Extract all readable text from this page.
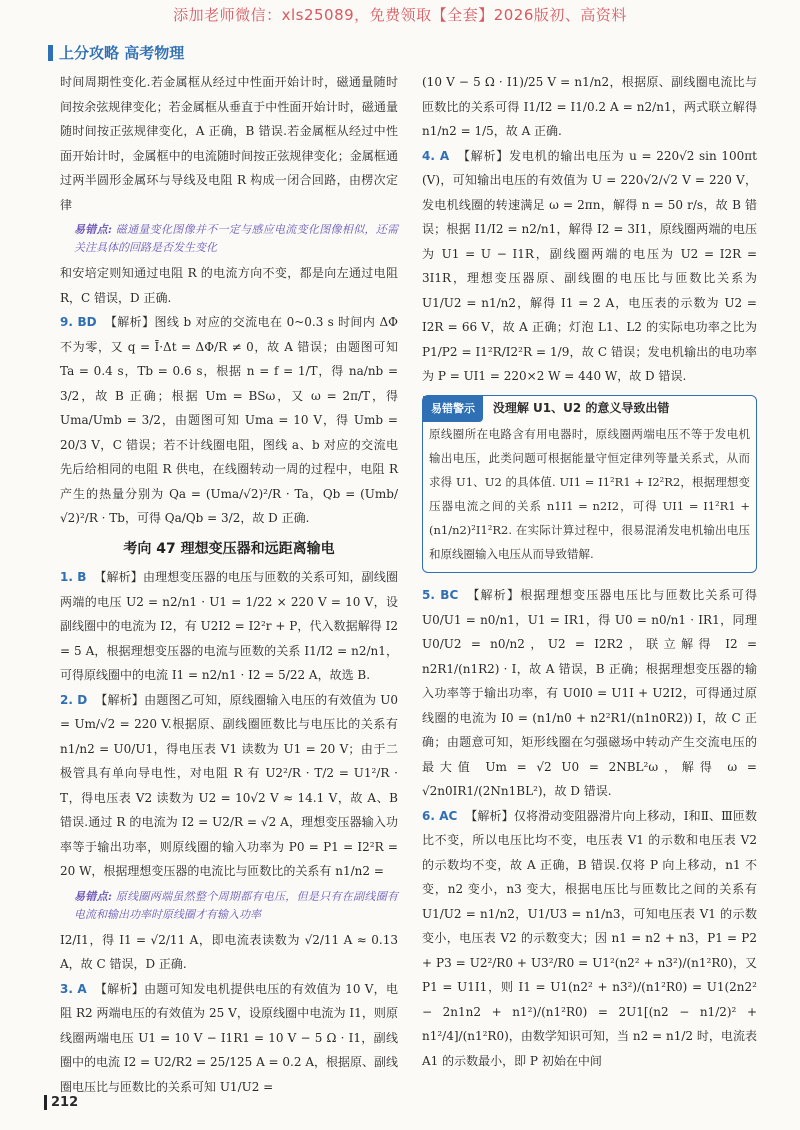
添加老师微信：xls25089，免费领取【全套】2026版初、高资料
上分攻略 高考物理

时间周期性变化.若金属框从经过中性面开始计时，磁通量随时间按余弦规律变化；若金属框从垂直于中性面开始计时，磁通量随时间按正弦规律变化，A 正确，B 错误.若金属框从经过中性面开始计时，金属框中的电流随时间按正弦规律变化；金属框通过两半圆形金属环与导线及电阻 R 构成一闭合回路，由楞次定律

易错点: 磁通量变化图像并不一定与感应电流变化图像相似，还需关注具体的回路是否发生变化

和安培定则知通过电阻 R 的电流方向不变，都是向左通过电阻 R，C 错误，D 正确.

9. BD 【解析】图线 b 对应的交流电在 0~0.3 s 时间内 ΔΦ 不为零，又 q = Ī·Δt = ΔΦ/R ≠ 0，故 A 错误；由题图可知 Ta = 0.4 s，Tb = 0.6 s，根据 n = f = 1/T，得 na/nb = 3/2，故 B 正确；根据 Um = BSω，又 ω = 2π/T，得 Uma/Umb = 3/2，由题图可知 Uma = 10 V，得 Umb = 20/3 V，C 错误；若不计线圈电阻，图线 a、b 对应的交流电先后给相同的电阻 R 供电，在线圈转动一周的过程中，电阻 R 产生的热量分别为 Qa = (Uma/√2)²/R · Ta，Qb = (Umb/√2)²/R · Tb，可得 Qa/Qb = 3/2，故 D 正确.

考向 47 理想变压器和远距离输电

1. B 【解析】由理想变压器的电压与匝数的关系可知，副线圈两端的电压 U2 = n2/n1 · U1 = 1/22 × 220 V = 10 V，设副线圈中的电流为 I2，有 U2I2 = I2²r + P，代入数据解得 I2 = 5 A，根据理想变压器的电流与匝数的关系 I1/I2 = n2/n1，可得原线圈中的电流 I1 = n2/n1 · I2 = 5/22 A，故选 B.

2. D 【解析】由题图乙可知，原线圈输入电压的有效值为 U0 = Um/√2 = 220 V.根据原、副线圈匝数比与电压比的关系有 n1/n2 = U0/U1，得电压表 V1 读数为 U1 = 20 V；由于二极管具有单向导电性，对电阻 R 有 U2²/R · T/2 = U1²/R · T，得电压表 V2 读数为 U2 = 10√2 V ≈ 14.1 V，故 A、B 错误.通过 R 的电流为 I2 = U2/R = √2 A，理想变压器输入功率等于输出功率，则原线圈的输入功率为 P0 = P1 = I2²R = 20 W，根据理想变压器的电流比与匝数比的关系有 n1/n2 =

易错点: 原线圈两端虽然整个周期都有电压，但是只有在副线圈有电流和输出功率时原线圈才有输入功率

I2/I1，得 I1 = √2/11 A，即电流表读数为 √2/11 A ≈ 0.13 A，故 C 错误，D 正确.

3. A 【解析】由题可知发电机提供电压的有效值为 10 V，电阻 R2 两端电压的有效值为 25 V，设原线圈中电流为 I1，则原线圈两端电压 U1 = 10 V − I1R1 = 10 V − 5 Ω · I1，副线圈中的电流 I2 = U2/R2 = 25/125 A = 0.2 A，根据原、副线圈电压比与匝数比的关系可知 U1/U2 =

(10 V − 5 Ω · I1)/25 V = n1/n2，根据原、副线圈电流比与匝数比的关系可得 I1/I2 = I1/0.2 A = n2/n1，两式联立解得 n1/n2 = 1/5，故 A 正确.

4. A 【解析】发电机的输出电压为 u = 220√2 sin 100πt (V)，可知输出电压的有效值为 U = 220√2/√2 V = 220 V，发电机线圈的转速满足 ω = 2πn，解得 n = 50 r/s，故 B 错误；根据 I1/I2 = n2/n1，解得 I2 = 3I1，原线圈两端的电压为 U1 = U − I1R，副线圈两端的电压为 U2 = I2R = 3I1R，理想变压器原、副线圈的电压比与匝数比关系为 U1/U2 = n1/n2，解得 I1 = 2 A，电压表的示数为 U2 = I2R = 66 V，故 A 正确；灯泡 L1、L2 的实际电功率之比为 P1/P2 = I1²R/I2²R = 1/9，故 C 错误；发电机输出的电功率为 P = UI1 = 220×2 W = 440 W，故 D 错误.

易错警示 没理解 U1、U2 的意义导致出错
原线圈所在电路含有用电器时，原线圈两端电压不等于发电机输出电压，此类问题可根据能量守恒定律列等量关系式，从而求得 U1、U2 的具体值. UI1 = I1²R1 + I2²R2，根据理想变压器电流之间的关系 n1I1 = n2I2，可得 UI1 = I1²R1 + (n1/n2)²I1²R2. 在实际计算过程中，很易混淆发电机输出电压和原线圈输入电压从而导致错解.

5. BC 【解析】根据理想变压器电压比与匝数比关系可得 U0/U1 = n0/n1，U1 = IR1，得 U0 = n0/n1 · IR1，同理 U0/U2 = n0/n2，U2 = I2R2，联立解得 I2 = n2R1/(n1R2) · I，故 A 错误，B 正确；根据理想变压器的输入功率等于输出功率，有 U0I0 = U1I + U2I2，可得通过原线圈的电流为 I0 = (n1/n0 + n2²R1/(n1n0R2)) I，故 C 正确；由题意可知，矩形线圈在匀强磁场中转动产生交流电压的最大值 Um = √2 U0 = 2NBL²ω，解得 ω = √2n0IR1/(2Nn1BL²)，故 D 错误.

6. AC 【解析】仅将滑动变阻器滑片向上移动，Ⅰ和Ⅱ、Ⅲ匝数比不变，所以电压比均不变，电压表 V1 的示数和电压表 V2 的示数均不变，故 A 正确，B 错误.仅将 P 向上移动，n1 不变，n2 变小，n3 变大，根据电压比与匝数比之间的关系有 U1/U2 = n1/n2，U1/U3 = n1/n3，可知电压表 V1 的示数变小，电压表 V2 的示数变大；因 n1 = n2 + n3，P1 = P2 + P3 = U2²/R0 + U3²/R0 = U1²(n2² + n3²)/(n1²R0)，又 P1 = U1I1，则 I1 = U1(n2² + n3²)/(n1²R0) = U1(2n2² − 2n1n2 + n1²)/(n1²R0) = 2U1[(n2 − n1/2)² + n1²/4]/(n1²R0)，由数学知识可知，当 n2 = n1/2 时，电流表 A1 的示数最小，即 P 初始在中间

212
